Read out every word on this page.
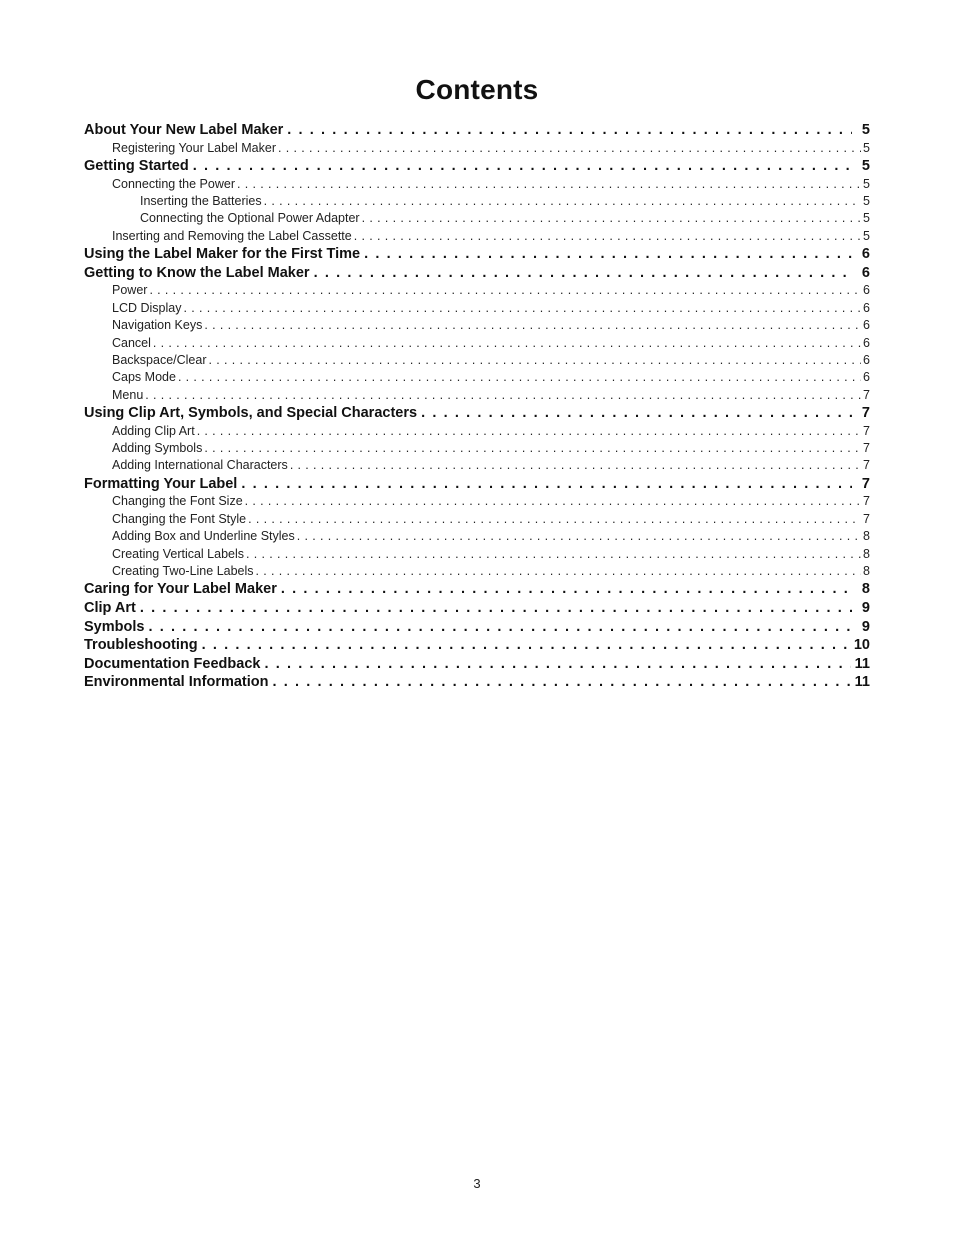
Contents
About Your New Label Maker . . .	5
Registering Your Label Maker . . .	5
Getting Started . . .	5
Connecting the Power . . .	5
Inserting the Batteries . . .	5
Connecting the Optional Power Adapter . . .	5
Inserting and Removing the Label Cassette . . .	5
Using the Label Maker for the First Time . . .	6
Getting to Know the Label Maker . . .	6
Power . . .	6
LCD Display . . .	6
Navigation Keys . . .	6
Cancel . . .	6
Backspace/Clear . . .	6
Caps Mode . . .	6
Menu . . .	7
Using Clip Art, Symbols, and Special Characters . . .	7
Adding Clip Art . . .	7
Adding Symbols . . .	7
Adding International Characters . . .	7
Formatting Your Label . . .	7
Changing the Font Size . . .	7
Changing the Font Style . . .	7
Adding Box and Underline Styles . . .	8
Creating Vertical Labels . . .	8
Creating Two-Line Labels . . .	8
Caring for Your Label Maker . . .	8
Clip Art . . .	9
Symbols . . .	9
Troubleshooting . . .	10
Documentation Feedback . . .	11
Environmental Information . . .	11
3
